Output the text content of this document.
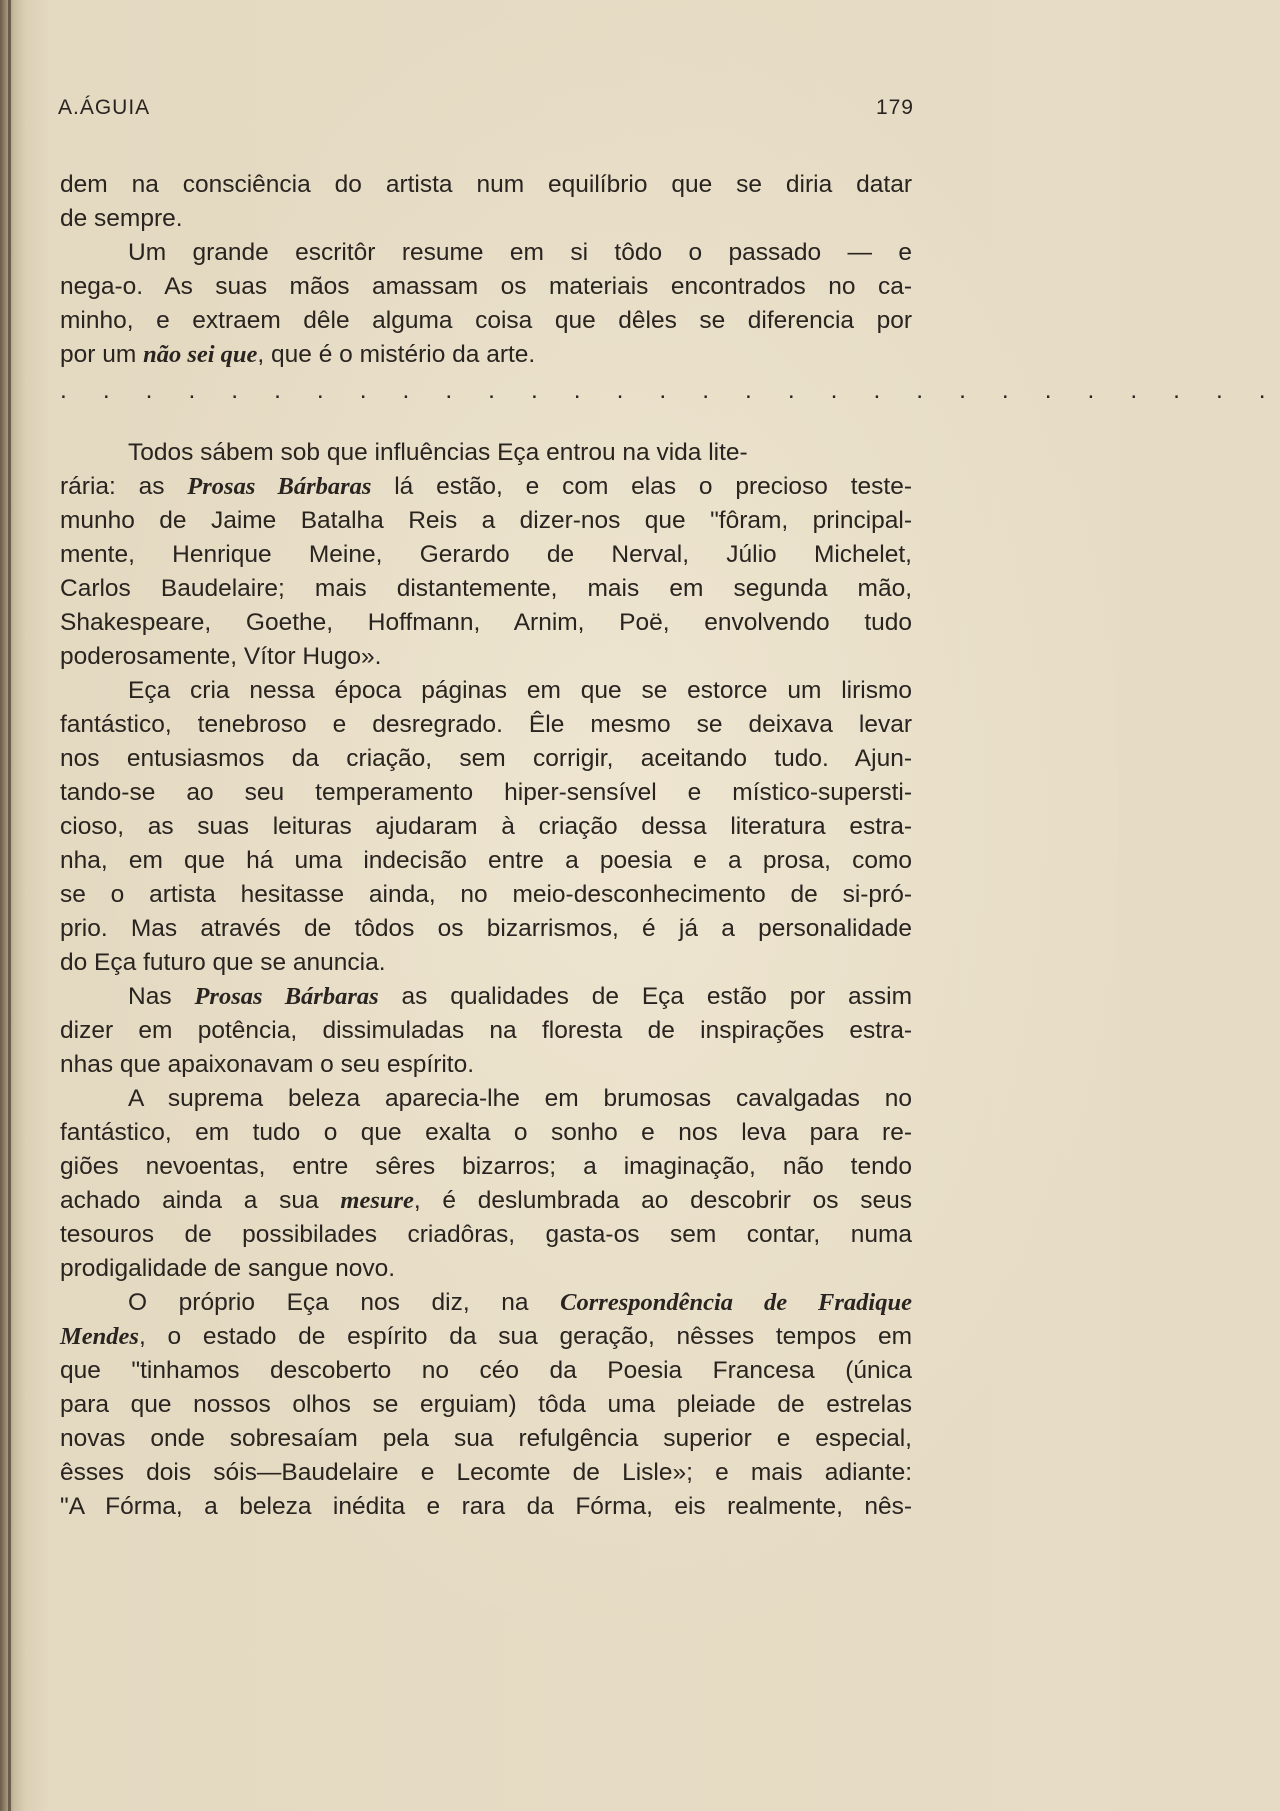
A.ÁGUIA	179
dem na consciência do artista num equilíbrio que se diria datar
de sempre.
Um grande escritôr resume em si tôdo o passado — e
nega-o. As suas mãos amassam os materiais encontrados no ca-
minho, e extraem dêle alguma coisa que dêles se diferencia por
por um não sei que, que é o mistério da arte.
. . . . . . . . . . . . . . . . . . . . . . . . . . . . .
Todos sábem sob que influências Eça entrou na vida lite-
rária: as Prosas Bárbaras lá estão, e com elas o precioso teste-
munho de Jaime Batalha Reis a dizer-nos que "fôram, principal-
mente, Henrique Meine, Gerardo de Nerval, Júlio Michelet,
Carlos Baudelaire; mais distantemente, mais em segunda mão,
Shakespeare, Goethe, Hoffmann, Arnim, Poë, envolvendo tudo
poderosamente, Vítor Hugo».
Eça cria nessa época páginas em que se estorce um lirismo
fantástico, tenebroso e desregrado. Êle mesmo se deixava levar
nos entusiasmos da criação, sem corrigir, aceitando tudo. Ajun-
tando-se ao seu temperamento hiper-sensível e místico-supersti-
cioso, as suas leituras ajudaram à criação dessa literatura estra-
nha, em que há uma indecisão entre a poesia e a prosa, como
se o artista hesitasse ainda, no meio-desconhecimento de si-pró-
prio. Mas através de tôdos os bizarrismos, é já a personalidade
do Eça futuro que se anuncia.
Nas Prosas Bárbaras as qualidades de Eça estão por assim
dizer em potência, dissimuladas na floresta de inspirações estra-
nhas que apaixonavam o seu espírito.
A suprema beleza aparecia-lhe em brumosas cavalgadas no
fantástico, em tudo o que exalta o sonho e nos leva para re-
giões nevoentas, entre sêres bizarros; a imaginação, não tendo
achado ainda a sua mesure, é deslumbrada ao descobrir os seus
tesouros de possibilades criadôras, gasta-os sem contar, numa
prodigalidade de sangue novo.
O próprio Eça nos diz, na Correspondência de Fradique
Mendes, o estado de espírito da sua geração, nêsses tempos em
que "tinhamos descoberto no céo da Poesia Francesa (única
para que nossos olhos se erguiam) tôda uma pleiade de estrelas
novas onde sobresaíam pela sua refulgência superior e especial,
êsses dois sóis—Baudelaire e Lecomte de Lisle»; e mais adiante:
"A Fórma, a beleza inédita e rara da Fórma, eis realmente, nês-
